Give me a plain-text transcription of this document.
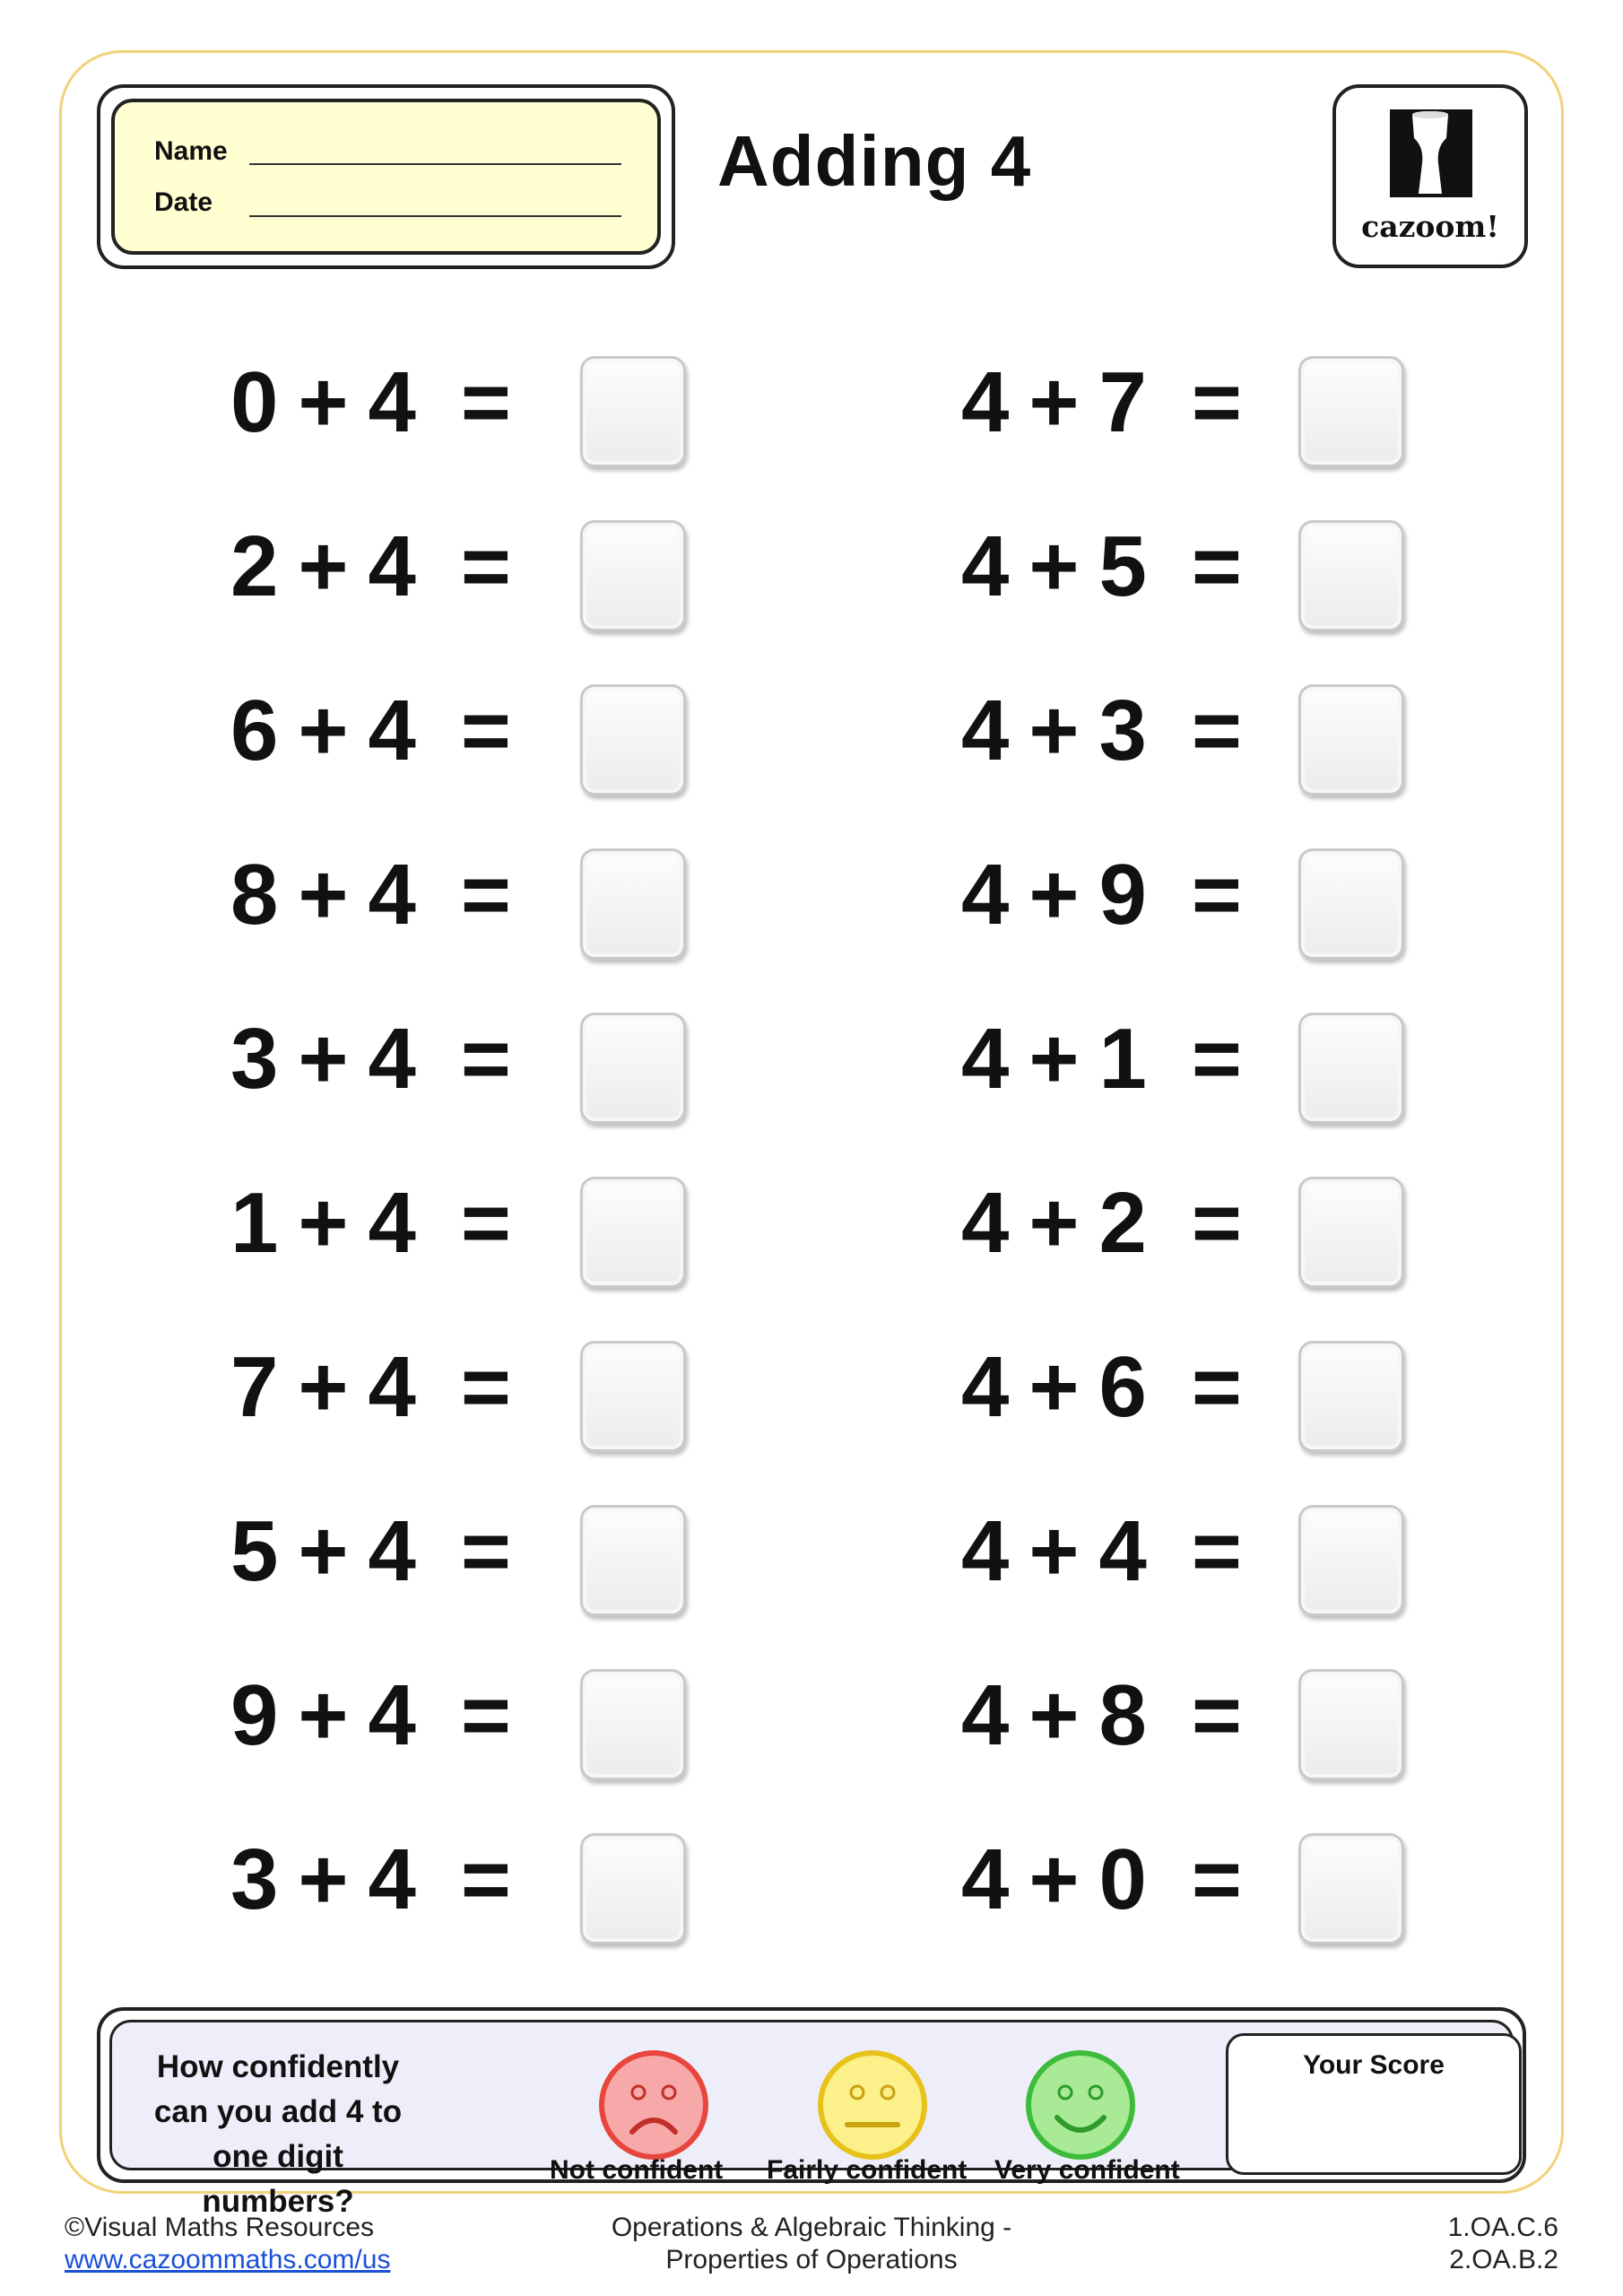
Name
Date
Adding 4
cazoom!
0 + 4 =
2 + 4 =
6 + 4 =
8 + 4 =
3 + 4 =
1 + 4 =
7 + 4 =
5 + 4 =
9 + 4 =
3 + 4 =
4 + 7 =
4 + 5 =
4 + 3 =
4 + 9 =
4 + 1 =
4 + 2 =
4 + 6 =
4 + 4 =
4 + 8 =
4 + 0 =
How confidently can you add 4 to one digit numbers?
Not confident Fairly confident Very confident
Your Score
©Visual Maths Resources
www.cazoommaths.com/us
Operations & Algebraic Thinking -
Properties of Operations
1.OA.C.6
2.OA.B.2
